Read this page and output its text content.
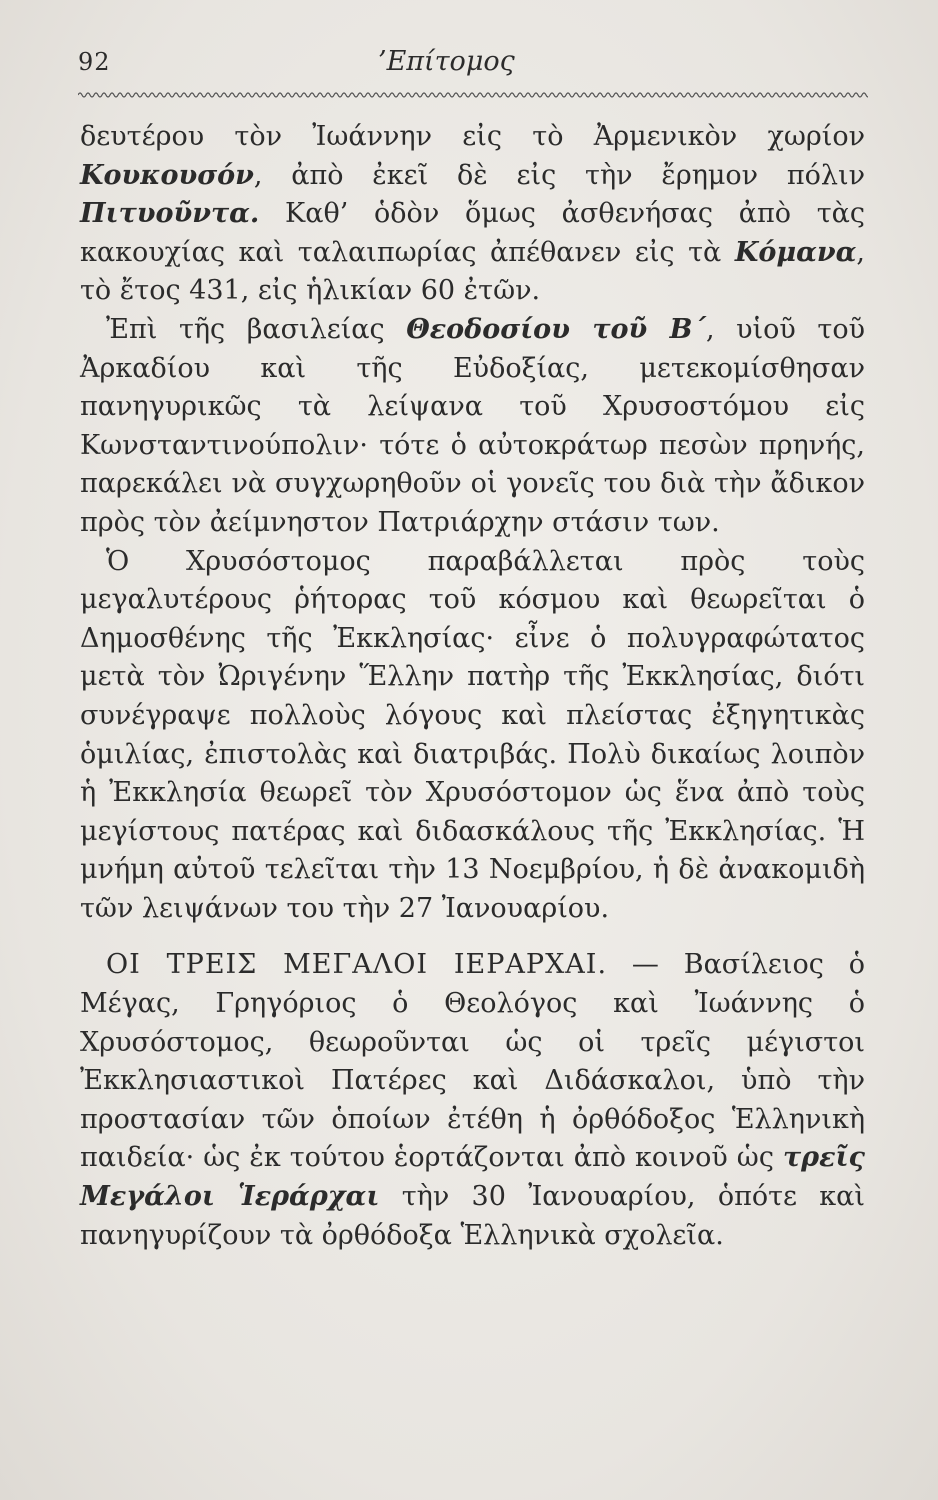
92	’Επίτομος

δευτέρου τὸν Ἰωάννην εἰς τὸ Ἀρμενικὸν χωρίον Κουκουσόν, ἀπὸ ἐκεῖ δὲ εἰς τὴν ἔρημον πόλιν Πιτυοῦντα. Καθ’ ὁδὸν ὅμως ἀσθενήσας ἀπὸ τὰς κακουχίας καὶ ταλαιπωρίας ἀπέθανεν εἰς τὰ Κόμανα, τὸ ἔτος 431, εἰς ἡλικίαν 60 ἐτῶν.

Ἐπὶ τῆς βασιλείας Θεοδοσίου τοῦ Β´, υἱοῦ τοῦ Ἀρκαδίου καὶ τῆς Εὐδοξίας, μετεκομίσθησαν πανηγυρικῶς τὰ λείψανα τοῦ Χρυσοστόμου εἰς Κωνσταντινούπολιν· τότε ὁ αὐτοκράτωρ πεσὼν πρηνής, παρεκάλει νὰ συγχωρηθοῦν οἱ γονεῖς του διὰ τὴν ἄδικον πρὸς τὸν ἀείμνηστον Πατριάρχην στάσιν των.

Ὁ Χρυσόστομος παραβάλλεται πρὸς τοὺς μεγαλυτέρους ῥήτορας τοῦ κόσμου καὶ θεωρεῖται ὁ Δημοσθένης τῆς Ἐκκλησίας· εἶνε ὁ πολυγραφώτατος μετὰ τὸν Ὠριγένην Ἕλλην πατὴρ τῆς Ἐκκλησίας, διότι συνέγραψε πολλοὺς λόγους καὶ πλείστας ἐξηγητικὰς ὁμιλίας, ἐπιστολὰς καὶ διατριβάς. Πολὺ δικαίως λοιπὸν ἡ Ἐκκλησία θεωρεῖ τὸν Χρυσόστομον ὡς ἕνα ἀπὸ τοὺς μεγίστους πατέρας καὶ διδασκάλους τῆς Ἐκκλησίας. Ἡ μνήμη αὐτοῦ τελεῖται τὴν 13 Νοεμβρίου, ἡ δὲ ἀνακομιδὴ τῶν λειψάνων του τὴν 27 Ἰανουαρίου.

ΟΙ ΤΡΕΙΣ ΜΕΓΑΛΟΙ ΙΕΡΑΡΧΑΙ. — Βασίλειος ὁ Μέγας, Γρηγόριος ὁ Θεολόγος καὶ Ἰωάννης ὁ Χρυσόστομος, θεωροῦνται ὡς οἱ τρεῖς μέγιστοι Ἐκκλησιαστικοὶ Πατέρες καὶ Διδάσκαλοι, ὑπὸ τὴν προστασίαν τῶν ὁποίων ἐτέθη ἡ ὀρθόδοξος Ἑλληνικὴ παιδεία· ὡς ἐκ τούτου ἑορτάζονται ἀπὸ κοινοῦ ὡς τρεῖς Μεγάλοι Ἱεράρχαι τὴν 30 Ἰανουαρίου, ὁπότε καὶ πανηγυρίζουν τὰ ὀρθόδοξα Ἑλληνικὰ σχολεῖα.
